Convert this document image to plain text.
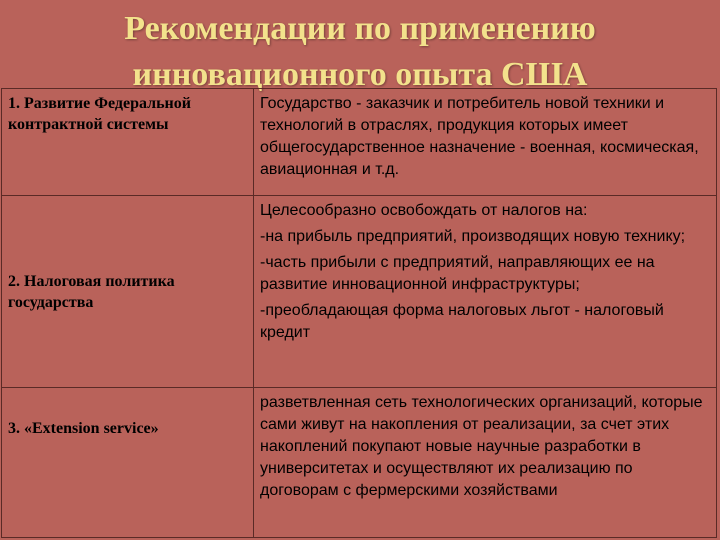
Рекомендации по применению
инновационного опыта США
1. Развитие Федеральной контрактной системы	Государство - заказчик и потребитель новой техники и технологий в отраслях, продукция которых имеет общегосударственное назначение - военная, космическая, авиационная и т.д.

2. Налоговая политика государства	Целесообразно освобождать от налогов на:

-на прибыль предприятий, производящих новую технику;

-часть прибыли с предприятий, направляющих ее на развитие инновационной инфраструктуры;

-преобладающая форма налоговых льгот - налоговый кредит

3. «Extension service»	разветвленная сеть технологических организаций, которые сами живут на накопления от реализации, за счет этих накоплений покупают новые научные разработки в университетах и осуществляют их реализацию по договорам с фермерскими хозяйствами
